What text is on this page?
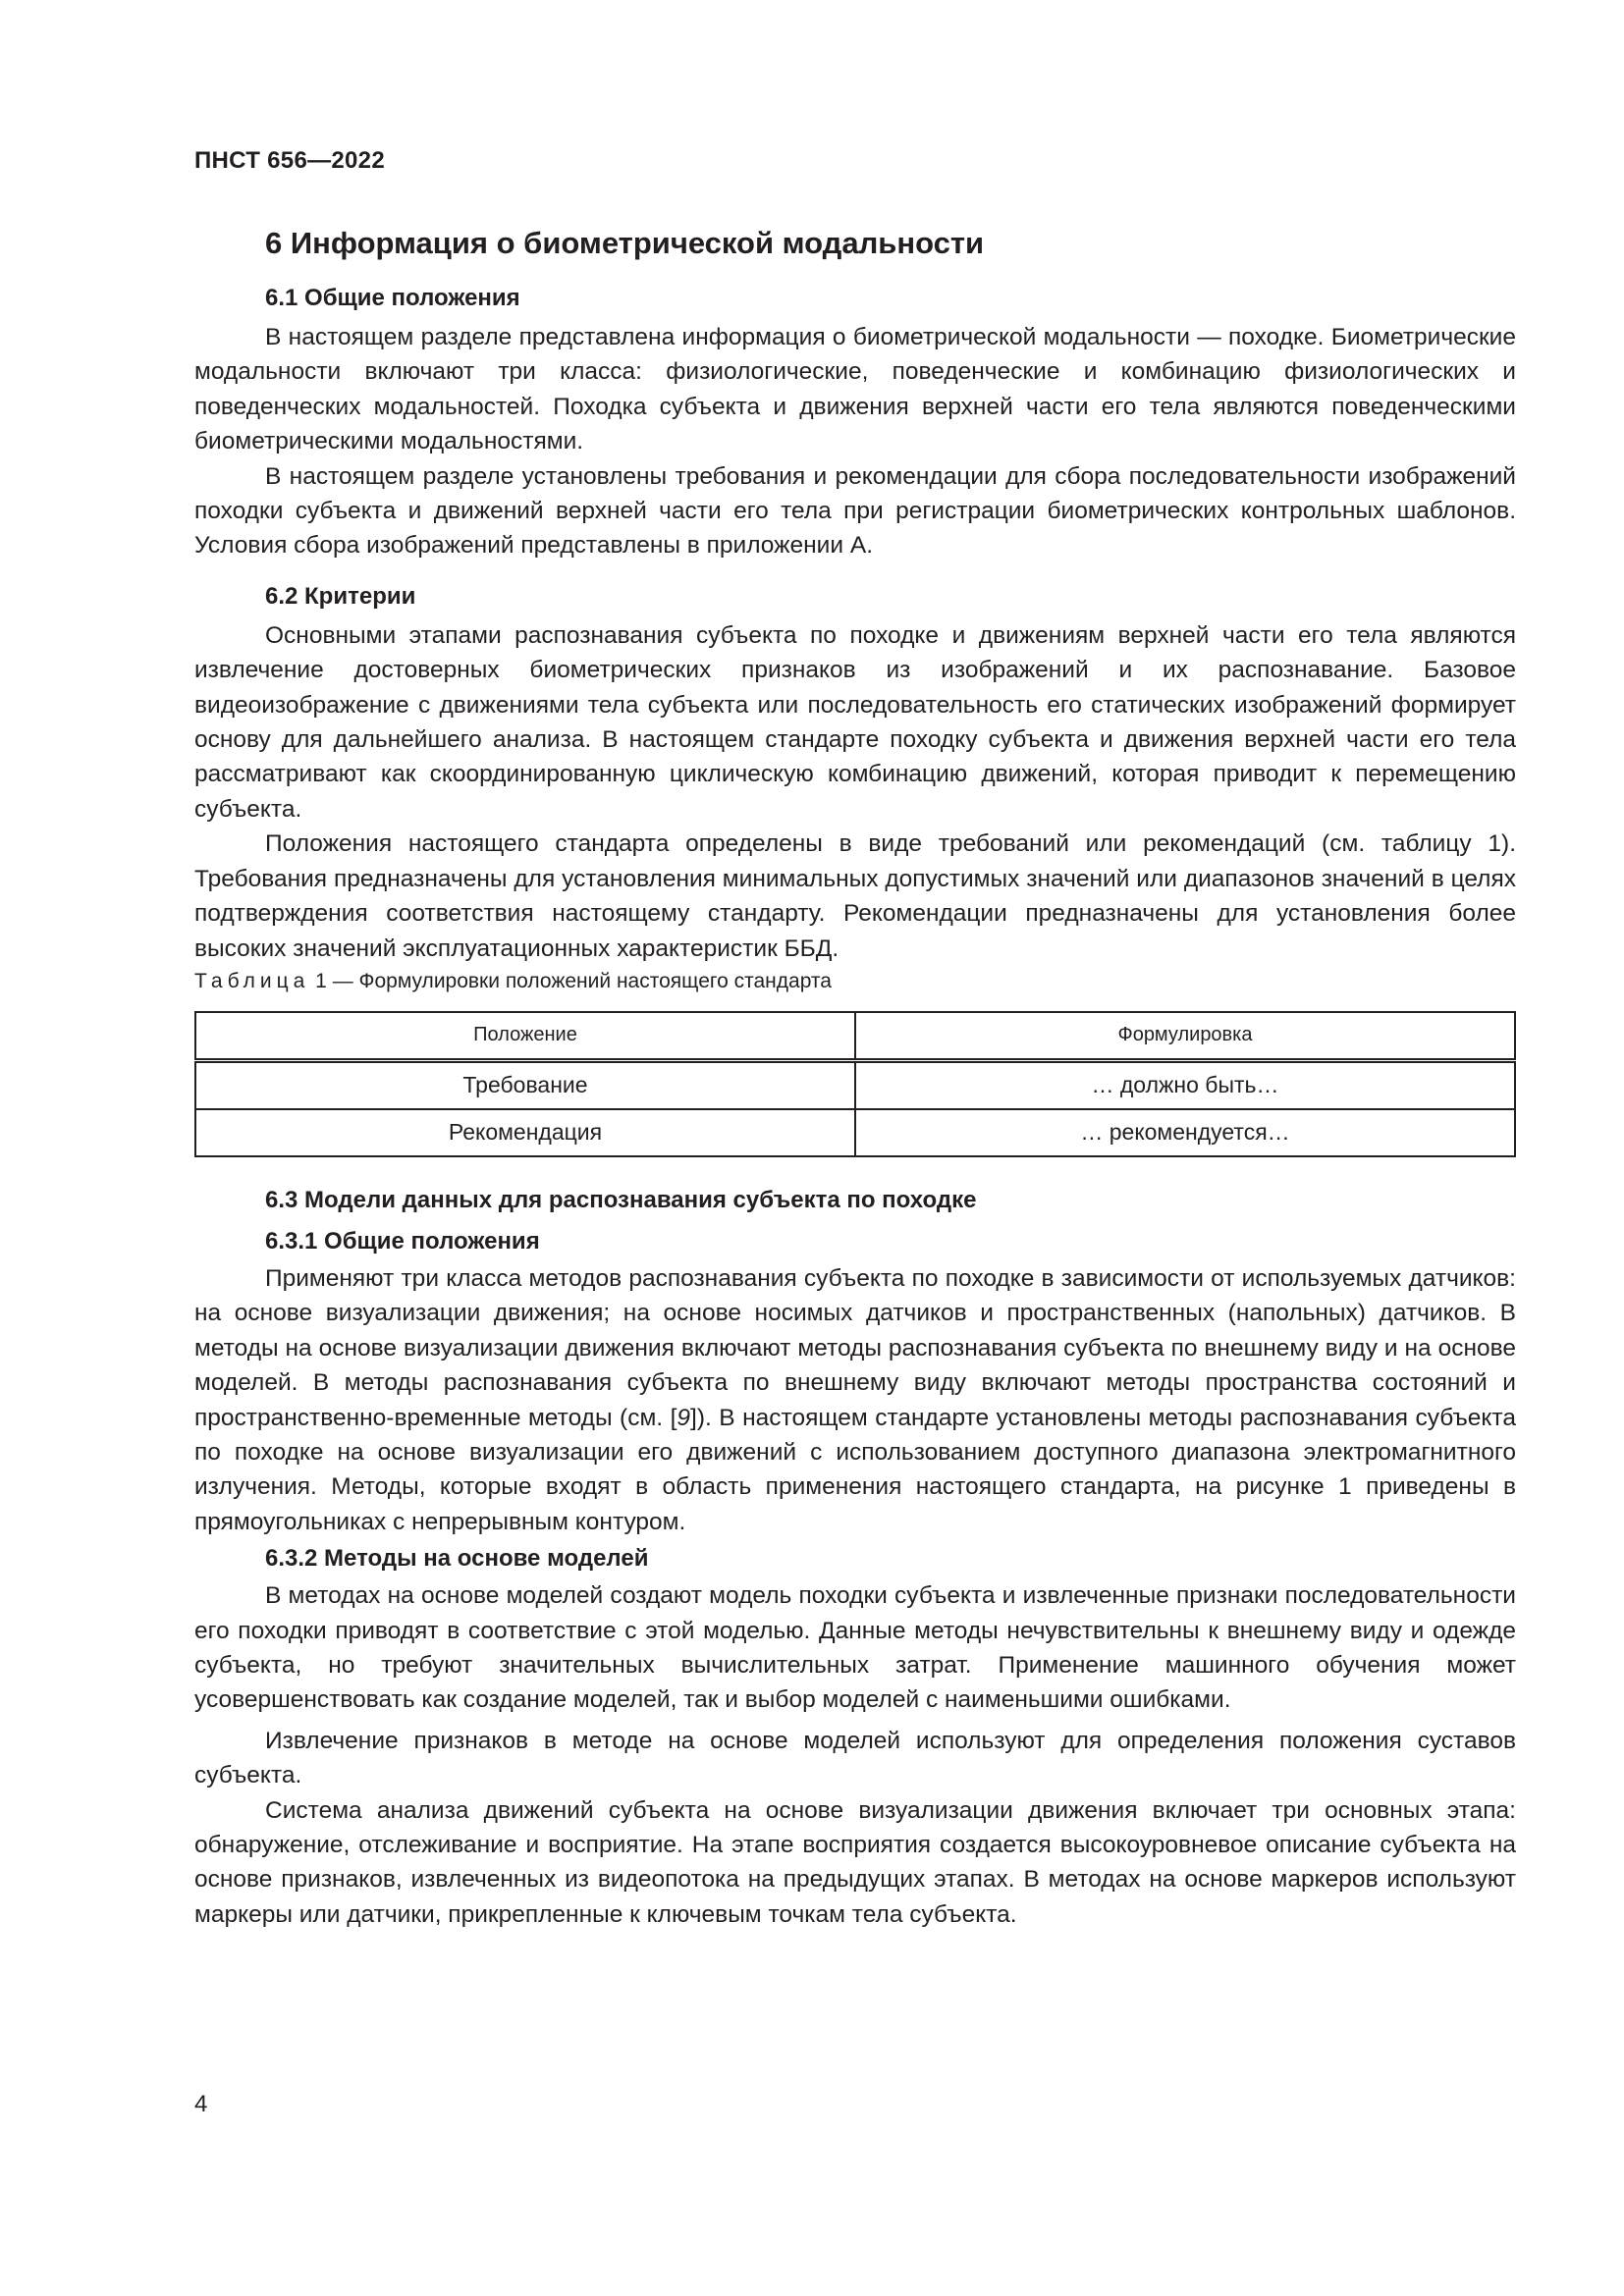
ПНСТ 656—2022
6 Информация о биометрической модальности
6.1 Общие положения

В настоящем разделе представлена информация о биометрической модальности — походке. Биометрические модальности включают три класса: физиологические, поведенческие и комбинацию физиологических и поведенческих модальностей. Походка субъекта и движения верхней части его тела являются поведенческими биометрическими модальностями.

В настоящем разделе установлены требования и рекомендации для сбора последовательности изображений походки субъекта и движений верхней части его тела при регистрации биометрических контрольных шаблонов. Условия сбора изображений представлены в приложении А.

6.2 Критерии

Основными этапами распознавания субъекта по походке и движениям верхней части его тела являются извлечение достоверных биометрических признаков из изображений и их распознавание. Базовое видеоизображение с движениями тела субъекта или последовательность его статических изображений формирует основу для дальнейшего анализа. В настоящем стандарте походку субъекта и движения верхней части его тела рассматривают как скоординированную циклическую комбинацию движений, которая приводит к перемещению субъекта.

Положения настоящего стандарта определены в виде требований или рекомендаций (см. таблицу 1). Требования предназначены для установления минимальных допустимых значений или диапазонов значений в целях подтверждения соответствия настоящему стандарту. Рекомендации предназначены для установления более высоких значений эксплуатационных характеристик ББД.

Таблица 1 — Формулировки положений настоящего стандарта
Положение	Формулировка
Требование	… должно быть…
Рекомендация	… рекомендуется…
6.3 Модели данных для распознавания субъекта по походке
6.3.1 Общие положения

Применяют три класса методов распознавания субъекта по походке в зависимости от используемых датчиков: на основе визуализации движения; на основе носимых датчиков и пространственных (напольных) датчиков. В методы на основе визуализации движения включают методы распознавания субъекта по внешнему виду и на основе моделей. В методы распознавания субъекта по внешнему виду включают методы пространства состояний и пространственно-временные методы (см. [9]). В настоящем стандарте установлены методы распознавания субъекта по походке на основе визуализации его движений с использованием доступного диапазона электромагнитного излучения. Методы, которые входят в область применения настоящего стандарта, на рисунке 1 приведены в прямоугольниках с непрерывным контуром.

6.3.2 Методы на основе моделей

В методах на основе моделей создают модель походки субъекта и извлеченные признаки последовательности его походки приводят в соответствие с этой моделью. Данные методы нечувствительны к внешнему виду и одежде субъекта, но требуют значительных вычислительных затрат. Применение машинного обучения может усовершенствовать как создание моделей, так и выбор моделей с наименьшими ошибками.

Извлечение признаков в методе на основе моделей используют для определения положения суставов субъекта.

Система анализа движений субъекта на основе визуализации движения включает три основных этапа: обнаружение, отслеживание и восприятие. На этапе восприятия создается высокоуровневое описание субъекта на основе признаков, извлеченных из видеопотока на предыдущих этапах. В методах на основе маркеров используют маркеры или датчики, прикрепленные к ключевым точкам тела субъекта.

4
